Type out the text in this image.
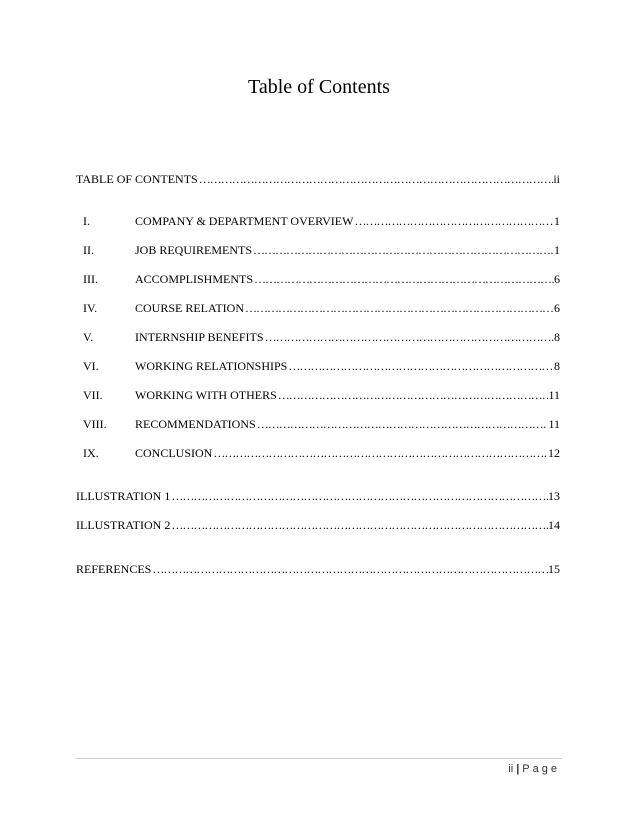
Table of Contents
TABLE OF CONTENTS ……………………………………………………………………………………………………………………………………………………………………	ii
I.	COMPANY & DEPARTMENT OVERVIEW ……………………………………………………………………………………………………………………………………………………………………	1
II.	JOB REQUIREMENTS ……………………………………………………………………………………………………………………………………………………………………	1
III.	ACCOMPLISHMENTS ……………………………………………………………………………………………………………………………………………………………………	6
IV.	COURSE RELATION ……………………………………………………………………………………………………………………………………………………………………	6
V.	INTERNSHIP BENEFITS ……………………………………………………………………………………………………………………………………………………………………	8
VI.	WORKING RELATIONSHIPS ……………………………………………………………………………………………………………………………………………………………………	8
VII.	WORKING WITH OTHERS ……………………………………………………………………………………………………………………………………………………………………	11
VIII. RECOMMENDATIONS ……………………………………………………………………………………………………………………………………………………………………	11
IX.	CONCLUSION ……………………………………………………………………………………………………………………………………………………………………	12
ILLUSTRATION 1 ……………………………………………………………………………………………………………………………………………………………………	13
ILLUSTRATION 2 ……………………………………………………………………………………………………………………………………………………………………	14
REFERENCES ……………………………………………………………………………………………………………………………………………………………………	15
ii | Page
